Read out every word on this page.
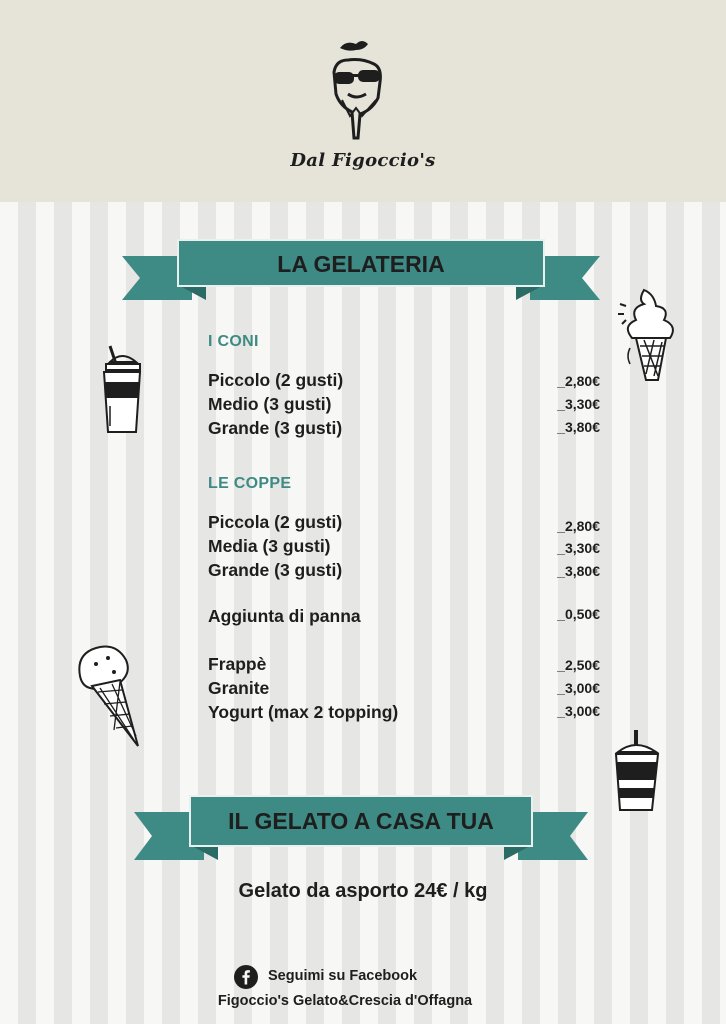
Dal Figoccio's
LA GELATERIA
I CONI
Piccolo (2 gusti)	_2,80€
Medio (3 gusti)	_3,30€
Grande (3 gusti)	_3,80€
LE COPPE
Piccola (2 gusti)	_2,80€
Media (3 gusti)	_3,30€
Grande (3 gusti)	_3,80€
Aggiunta di panna	_0,50€
Frappè	_2,50€
Granite	_3,00€
Yogurt (max 2 topping)	_3,00€
IL GELATO A CASA TUA
Gelato da asporto 24€ / kg
Seguimi su Facebook
Figoccio's Gelato&Crescia d'Offagna
